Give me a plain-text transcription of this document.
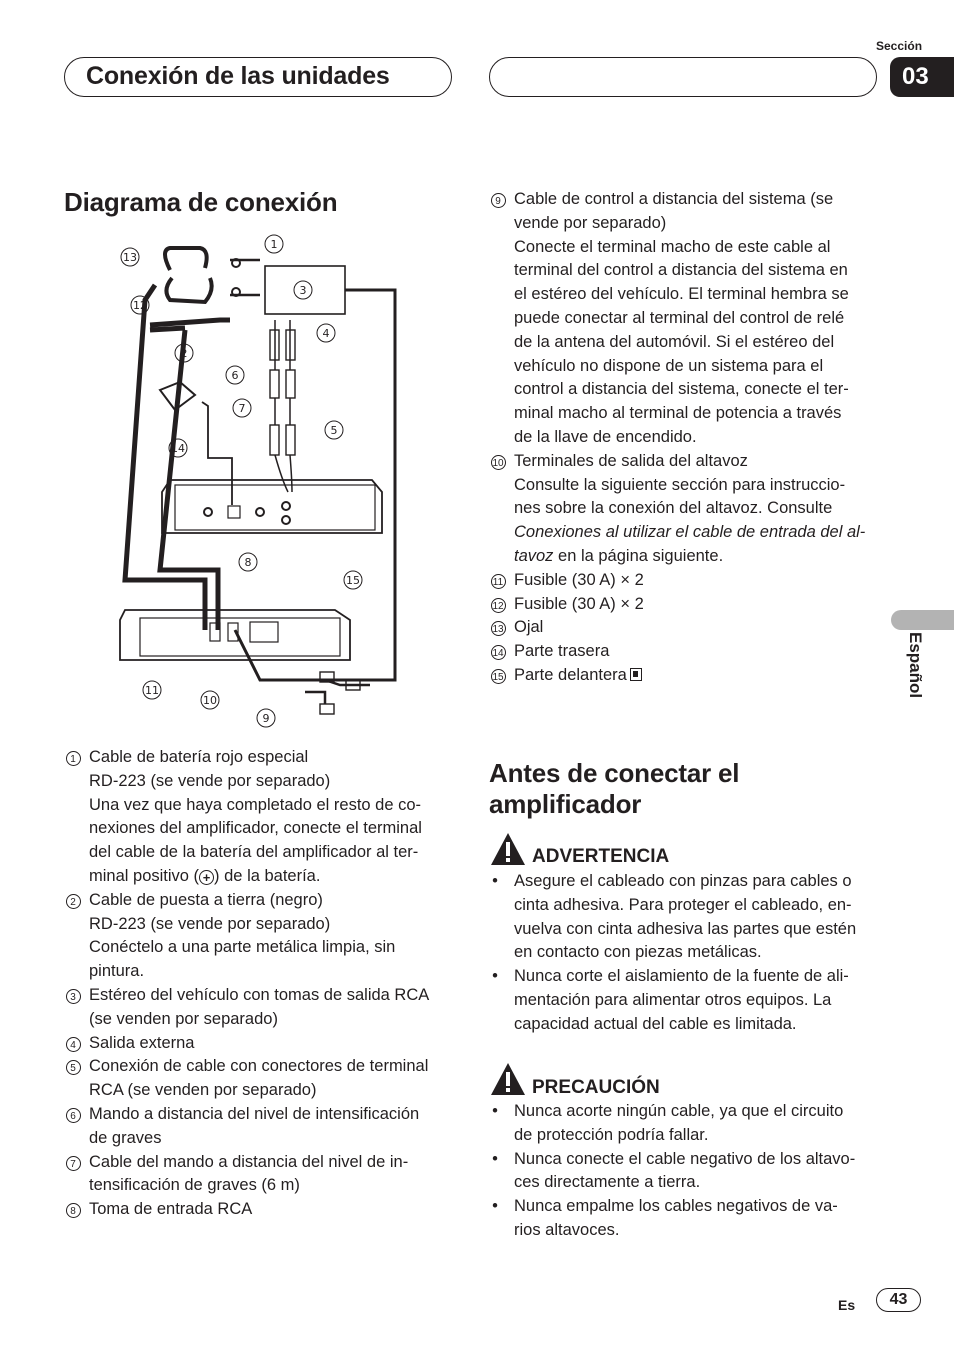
Conexión de las unidades
Sección
03
Español
Diagrama de conexión
1
2
3
4
5
6
7
8
9
10
11
12
13
14
15
1 Cable de batería rojo especial
RD-223 (se vende por separado)
Una vez que haya completado el resto de co-
nexiones del amplificador, conecte el terminal
del cable de la batería del amplificador al ter-
minal positivo ( + ) de la batería.
2 Cable de puesta a tierra (negro)
RD-223 (se vende por separado)
Conéctelo a una parte metálica limpia, sin
pintura.
3 Estéreo del vehículo con tomas de salida RCA
(se venden por separado)
4 Salida externa
5 Conexión de cable con conectores de terminal
RCA (se venden por separado)
6 Mando a distancia del nivel de intensificación
de graves
7 Cable del mando a distancia del nivel de in-
tensificación de graves (6 m)
8 Toma de entrada RCA
9 Cable de control a distancia del sistema (se
vende por separado)
Conecte el terminal macho de este cable al
terminal del control a distancia del sistema en
el estéreo del vehículo. El terminal hembra se
puede conectar al terminal del control de relé
de la antena del automóvil. Si el estéreo del
vehículo no dispone de un sistema para el
control a distancia del sistema, conecte el ter-
minal macho al terminal de potencia a través
de la llave de encendido.
10 Terminales de salida del altavoz
Consulte la siguiente sección para instruccio-
nes sobre la conexión del altavoz. Consulte
Conexiones al utilizar el cable de entrada del al-
tavoz en la página siguiente.
11 Fusible (30 A) × 2
12 Fusible (30 A) × 2
13 Ojal
14 Parte trasera
15 Parte delantera
Antes de conectar el
amplificador
ADVERTENCIA
• Asegure el cableado con pinzas para cables o
cinta adhesiva. Para proteger el cableado, en-
vuelva con cinta adhesiva las partes que estén
en contacto con piezas metálicas.
• Nunca corte el aislamiento de la fuente de ali-
mentación para alimentar otros equipos. La
capacidad actual del cable es limitada.
PRECAUCIÓN
• Nunca acorte ningún cable, ya que el circuito
de protección podría fallar.
• Nunca conecte el cable negativo de los altavo-
ces directamente a tierra.
• Nunca empalme los cables negativos de va-
rios altavoces.
Es	43
